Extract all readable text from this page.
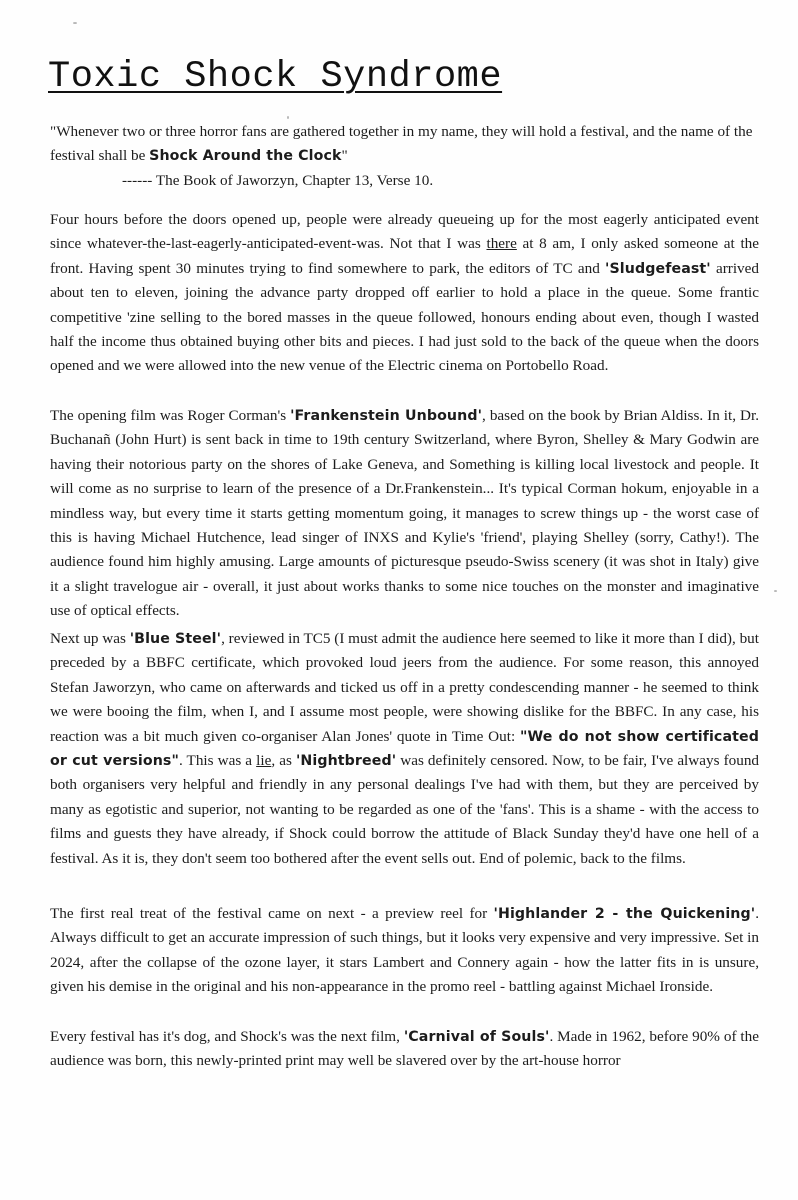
Toxic Shock Syndrome

"Whenever two or three horror fans are gathered together in my name, they will hold a festival, and the name of the festival shall be Shock Around the Clock"

------ The Book of Jaworzyn, Chapter 13, Verse 10.

Four hours before the doors opened up, people were already queueing up for the most eagerly anticipated event since whatever-the-last-eagerly-anticipated-event-was. Not that I was there at 8 am, I only asked someone at the front. Having spent 30 minutes trying to find somewhere to park, the editors of TC and 'Sludgefeast' arrived about ten to eleven, joining the advance party dropped off earlier to hold a place in the queue. Some frantic competitive 'zine selling to the bored masses in the queue followed, honours ending about even, though I wasted half the income thus obtained buying other bits and pieces. I had just sold to the back of the queue when the doors opened and we were allowed into the new venue of the Electric cinema on Portobello Road.

The opening film was Roger Corman's 'Frankenstein Unbound', based on the book by Brian Aldiss. In it, Dr. Buchanañ (John Hurt) is sent back in time to 19th century Switzerland, where Byron, Shelley & Mary Godwin are having their notorious party on the shores of Lake Geneva, and Something is killing local livestock and people. It will come as no surprise to learn of the presence of a Dr.Frankenstein... It's typical Corman hokum, enjoyable in a mindless way, but every time it starts getting momentum going, it manages to screw things up - the worst case of this is having Michael Hutchence, lead singer of INXS and Kylie's 'friend', playing Shelley (sorry, Cathy!). The audience found him highly amusing. Large amounts of picturesque pseudo-Swiss scenery (it was shot in Italy) give it a slight travelogue air - overall, it just about works thanks to some nice touches on the monster and imaginative use of optical effects.

Next up was 'Blue Steel', reviewed in TC5 (I must admit the audience here seemed to like it more than I did), but preceded by a BBFC certificate, which provoked loud jeers from the audience. For some reason, this annoyed Stefan Jaworzyn, who came on afterwards and ticked us off in a pretty condescending manner - he seemed to think we were booing the film, when I, and I assume most people, were showing dislike for the BBFC. In any case, his reaction was a bit much given co-organiser Alan Jones' quote in Time Out: "We do not show certificated or cut versions". This was a lie, as 'Nightbreed' was definitely censored. Now, to be fair, I've always found both organisers very helpful and friendly in any personal dealings I've had with them, but they are perceived by many as egotistic and superior, not wanting to be regarded as one of the 'fans'. This is a shame - with the access to films and guests they have already, if Shock could borrow the attitude of Black Sunday they'd have one hell of a festival. As it is, they don't seem too bothered after the event sells out. End of polemic, back to the films.

The first real treat of the festival came on next - a preview reel for 'Highlander 2 - the Quickening'. Always difficult to get an accurate impression of such things, but it looks very expensive and very impressive. Set in 2024, after the collapse of the ozone layer, it stars Lambert and Connery again - how the latter fits in is unsure, given his demise in the original and his non-appearance in the promo reel - battling against Michael Ironside.

Every festival has it's dog, and Shock's was the next film, 'Carnival of Souls'. Made in 1962, before 90% of the audience was born, this newly-printed print may well be slavered over by the art-house horror
